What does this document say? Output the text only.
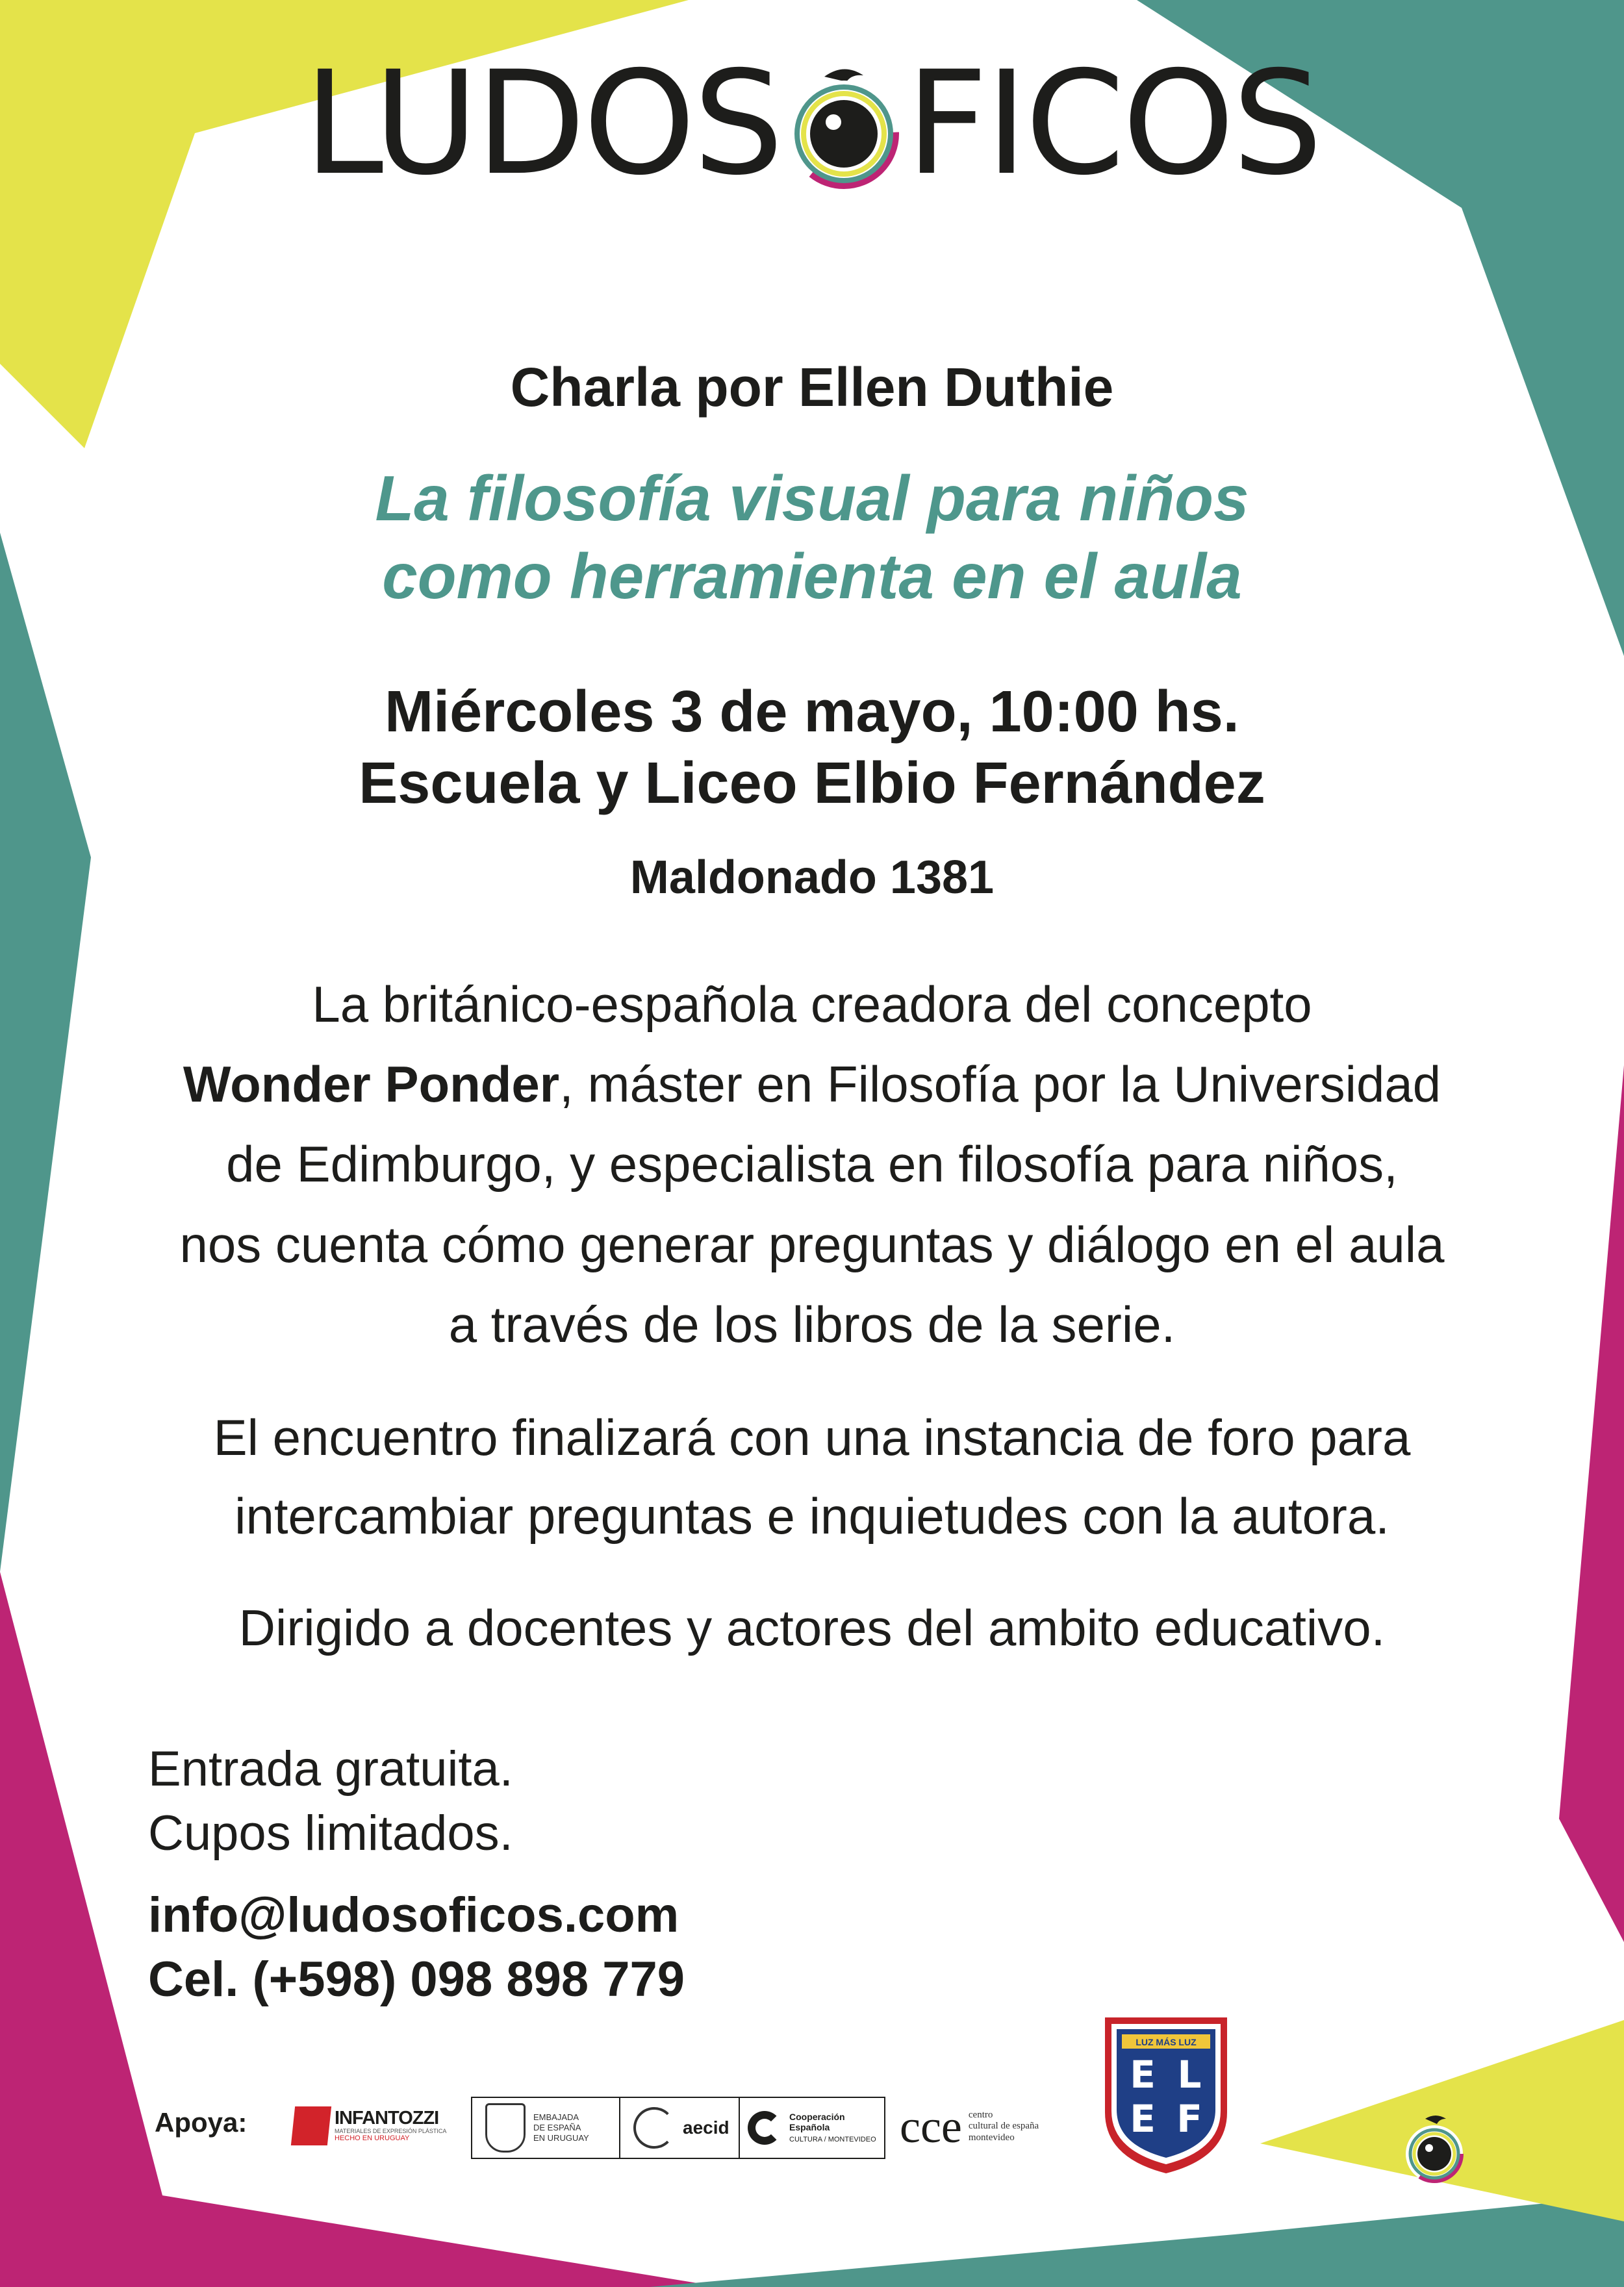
LUDOS FICOS
Charla por Ellen Duthie
La filosofía visual para niños
como herramienta en el aula
Miércoles 3 de mayo, 10:00 hs.
Escuela y Liceo Elbio Fernández
Maldonado 1381
La británico-española creadora del concepto
Wonder Ponder, máster en Filosofía por la Universidad
de Edimburgo, y especialista en filosofía para niños,
nos cuenta cómo generar preguntas y diálogo en el aula
a través de los libros de la serie.
El encuentro finalizará con una instancia de foro para
intercambiar preguntas e inquietudes con la autora.
Dirigido a docentes y actores del ambito educativo.
Entrada gratuita.
Cupos limitados.
info@ludosoficos.com
Cel. (+598) 098 898 779
Apoya:	INFANTOZZI
MATERIALES DE EXPRESIÓN PLÁSTICA
HECHO EN URUGUAY
EMBAJADA
DE ESPAÑA
EN URUGUAY
aecid
Cooperación
Española
CULTURA / MONTEVIDEO cce centro
cultural de españa
montevideo
LUZ MÁS LUZ
E L
E F
